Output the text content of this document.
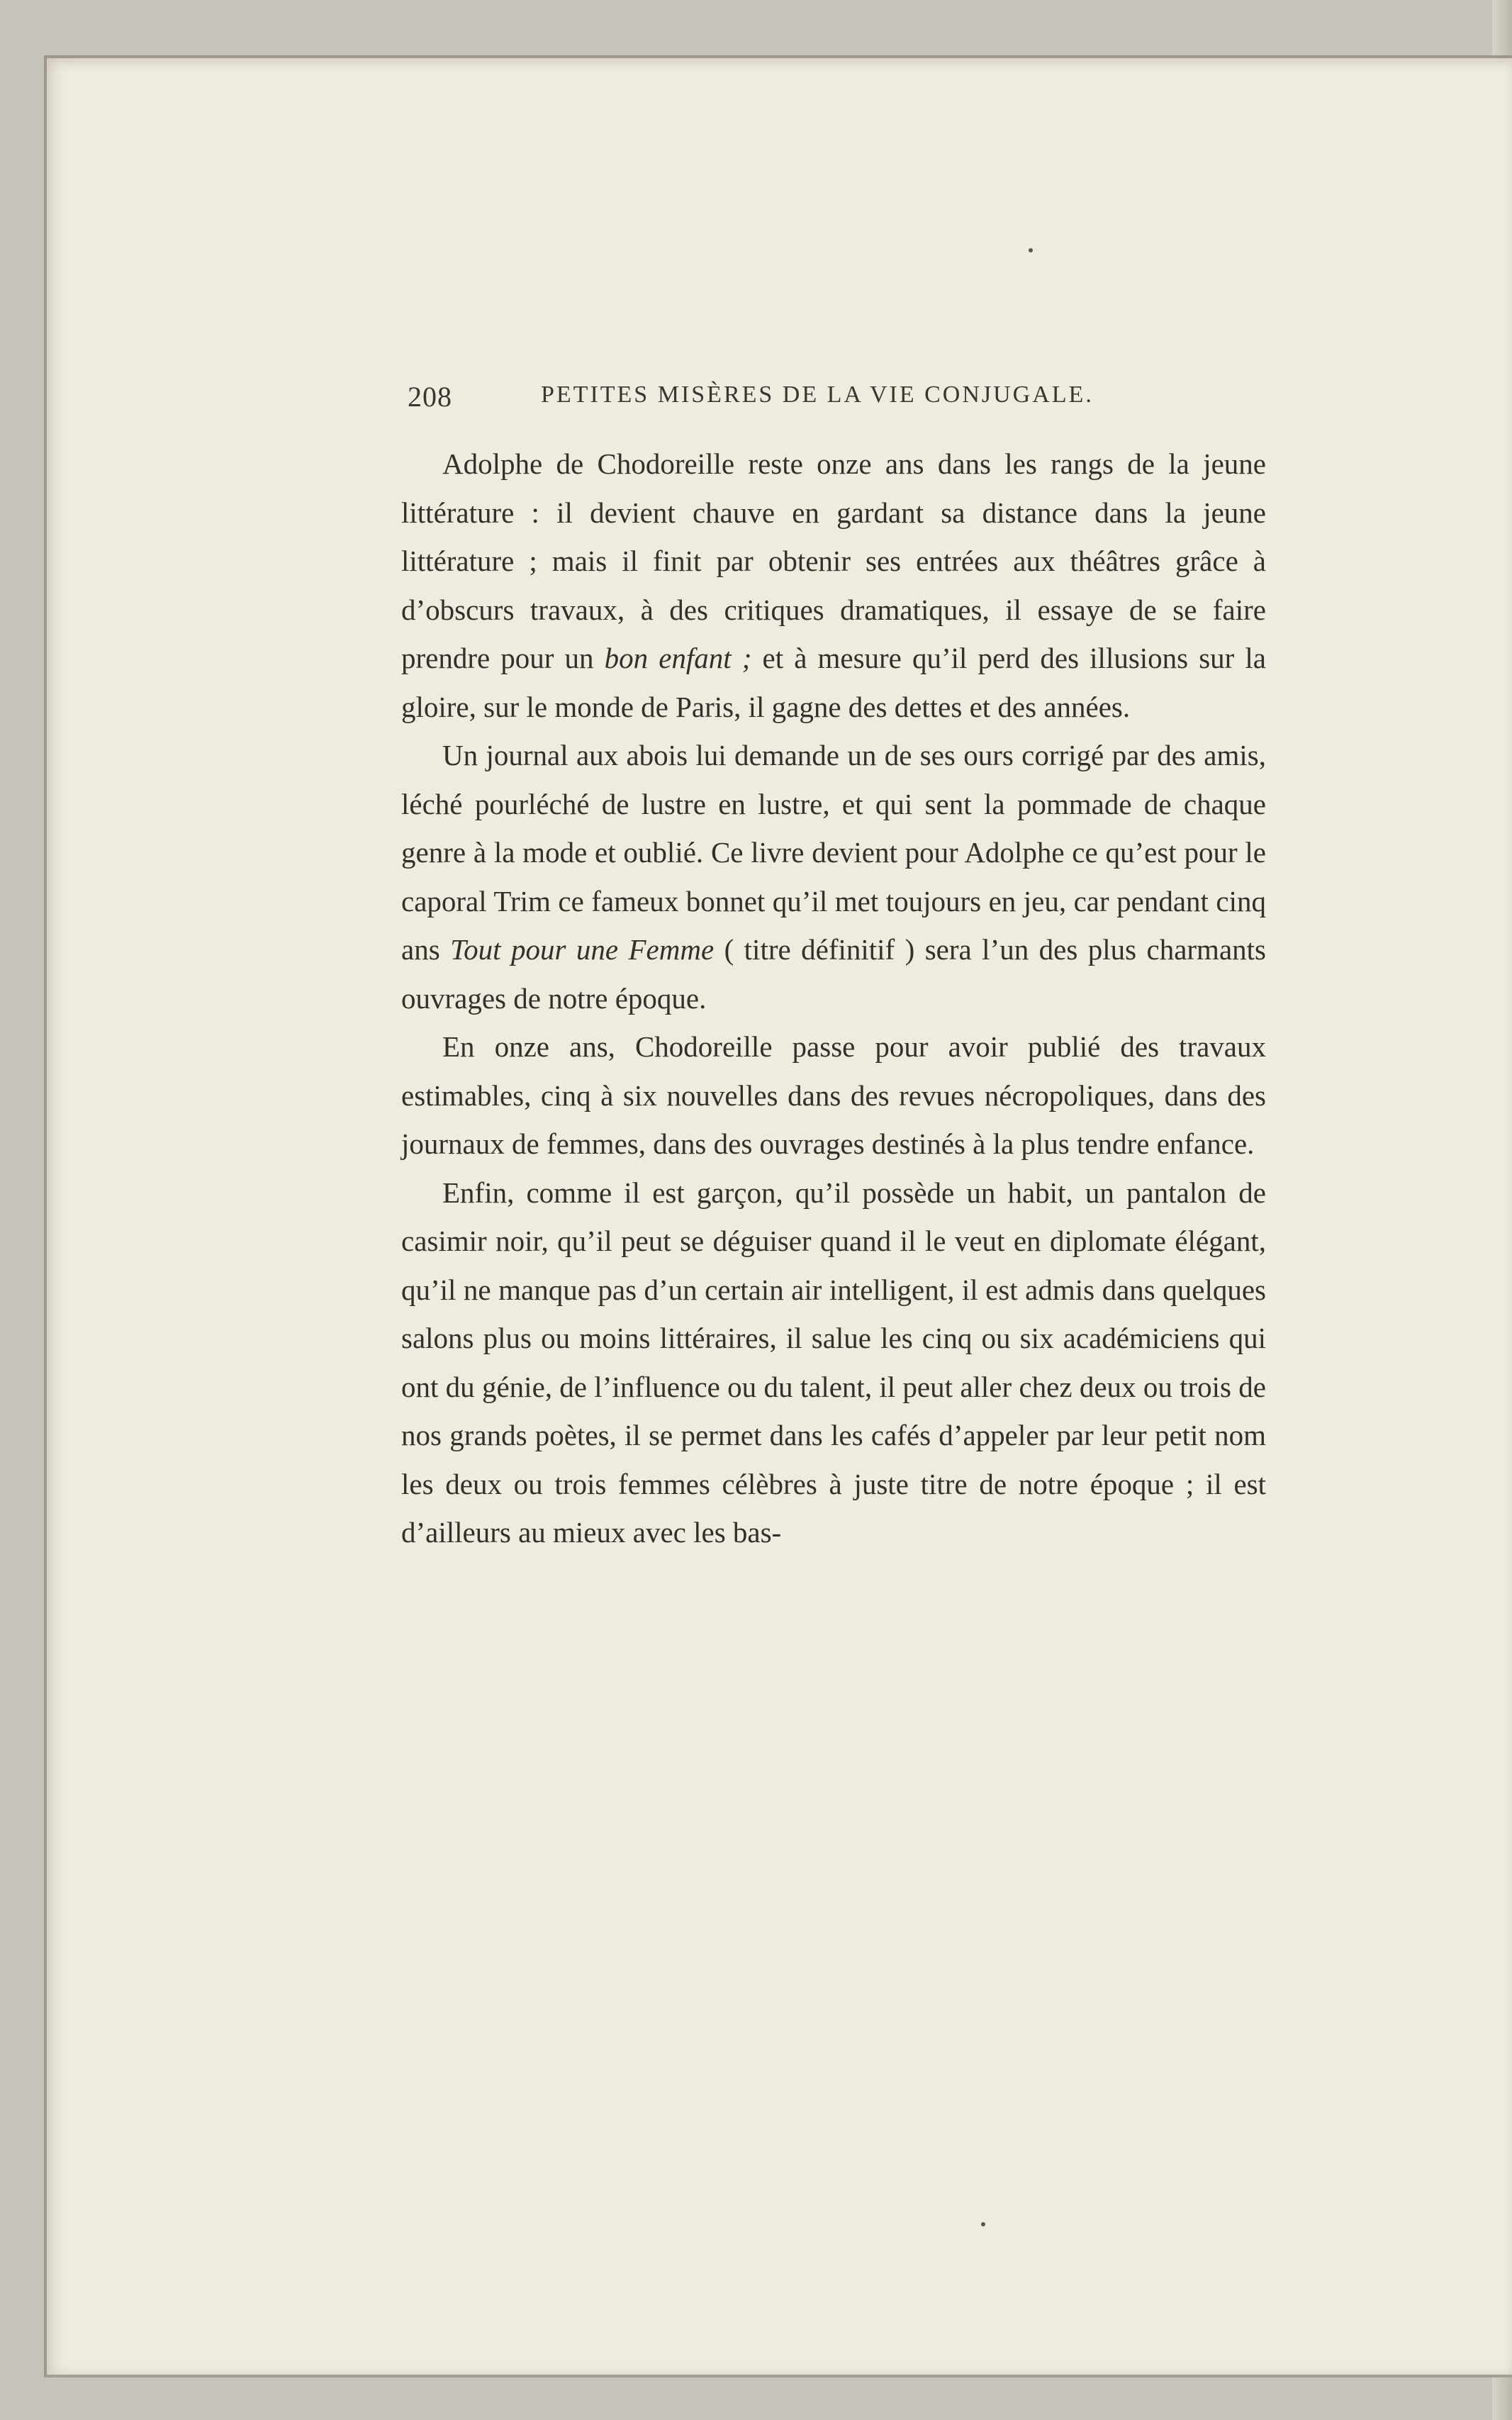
208	PETITES MISÈRES DE LA VIE CONJUGALE.

Adolphe de Chodoreille reste onze ans dans les rangs de la jeune littérature : il devient chauve en gardant sa distance dans la jeune littérature ; mais il finit par obtenir ses entrées aux théâtres grâce à d’obscurs travaux, à des critiques dramatiques, il essaye de se faire prendre pour un bon enfant ; et à mesure qu’il perd des illusions sur la gloire, sur le monde de Paris, il gagne des dettes et des années.

Un journal aux abois lui demande un de ses ours corrigé par des amis, léché pourléché de lustre en lustre, et qui sent la pommade de chaque genre à la mode et oublié. Ce livre devient pour Adolphe ce qu’est pour le caporal Trim ce fameux bonnet qu’il met toujours en jeu, car pendant cinq ans Tout pour une Femme ( titre définitif ) sera l’un des plus charmants ouvrages de notre époque.

En onze ans, Chodoreille passe pour avoir publié des travaux estimables, cinq à six nouvelles dans des revues nécropoliques, dans des journaux de femmes, dans des ouvrages destinés à la plus tendre enfance.

Enfin, comme il est garçon, qu’il possède un habit, un pantalon de casimir noir, qu’il peut se déguiser quand il le veut en diplomate élégant, qu’il ne manque pas d’un certain air intelligent, il est admis dans quelques salons plus ou moins littéraires, il salue les cinq ou six académiciens qui ont du génie, de l’influence ou du talent, il peut aller chez deux ou trois de nos grands poètes, il se permet dans les cafés d’appeler par leur petit nom les deux ou trois femmes célèbres à juste titre de notre époque ; il est d’ailleurs au mieux avec les bas-
